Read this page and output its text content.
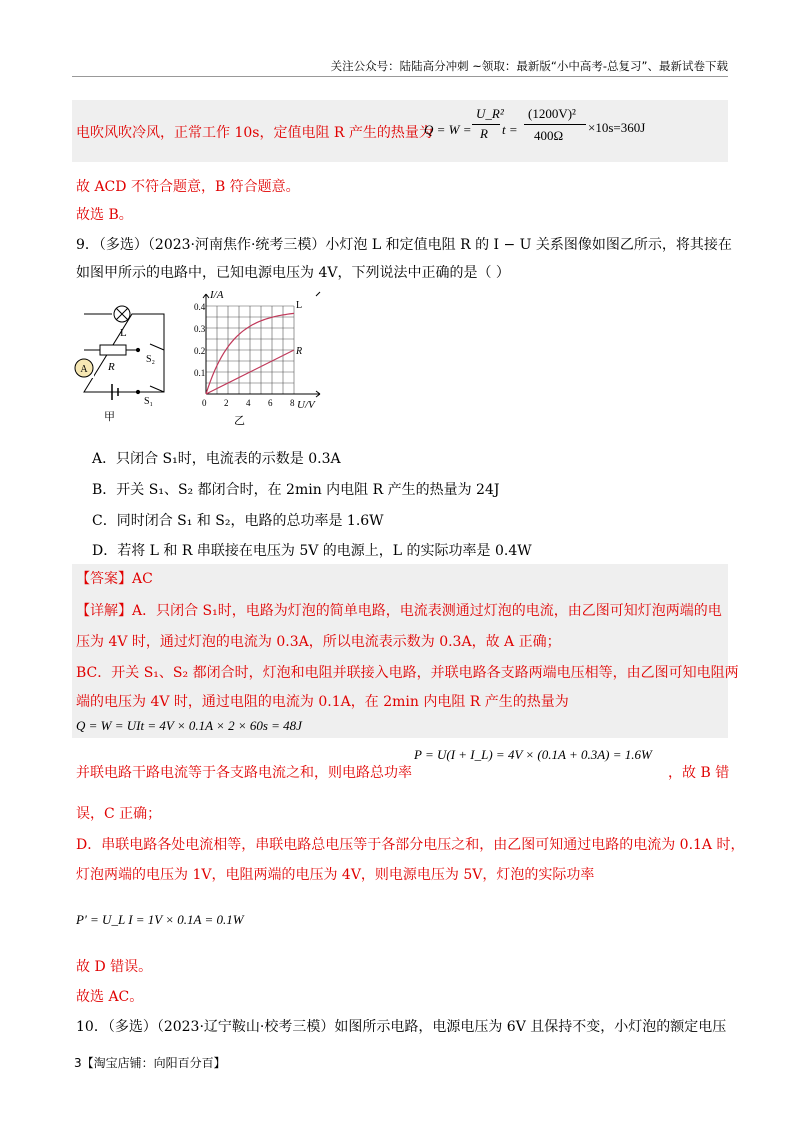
关注公众号：陆陆高分冲刺 ~领取：最新版“小中高考-总复习”、最新试卷下载
电吹风吹冷风，正常工作 10s，定值电阻 R 产生的热量为
Q = W =
U_R²
R t =
(1200V)²
400Ω
×10s=360J
故 ACD 不符合题意，B 符合题意。
故选 B。
9．（多选）（2023·河南焦作·统考三模）小灯泡 L 和定值电阻 R 的 I − U 关系图像如图乙所示，将其接在
如图甲所示的电路中，已知电源电压为 4V，下列说法中正确的是（ ）
A
L
R
S₂
S₁
甲
I/A
U/V
0.4
0.3
0.2
0.1
0 2 4 6 8
L
R
乙
A．只闭合 S₁时，电流表的示数是 0.3A
B．开关 S₁、S₂ 都闭合时，在 2min 内电阻 R 产生的热量为 24J
C．同时闭合 S₁ 和 S₂，电路的总功率是 1.6W
D．若将 L 和 R 串联接在电压为 5V 的电源上，L 的实际功率是 0.4W
【答案】AC
【详解】A．只闭合 S₁时，电路为灯泡的简单电路，电流表测通过灯泡的电流，由乙图可知灯泡两端的电
压为 4V 时，通过灯泡的电流为 0.3A，所以电流表示数为 0.3A，故 A 正确；
BC．开关 S₁、S₂ 都闭合时，灯泡和电阻并联接入电路，并联电路各支路两端电压相等，由乙图可知电阻两
端的电压为 4V 时，通过电阻的电流为 0.1A，在 2min 内电阻 R 产生的热量为
Q = W = UIt = 4V × 0.1A × 2 × 60s = 48J
并联电路干路电流等于各支路电流之和，则电路总功率
P = U(I + I_L) = 4V × (0.1A + 0.3A) = 1.6W
，故 B 错
误，C 正确；
D．串联电路各处电流相等，串联电路总电压等于各部分电压之和，由乙图可知通过电路的电流为 0.1A 时，
灯泡两端的电压为 1V，电阻两端的电压为 4V，则电源电压为 5V，灯泡的实际功率
P′ = U_L I = 1V × 0.1A = 0.1W
故 D 错误。
故选 AC。
10．（多选）（2023·辽宁鞍山·校考三模）如图所示电路，电源电压为 6V 且保持不变，小灯泡的额定电压
3【淘宝店铺：向阳百分百】
